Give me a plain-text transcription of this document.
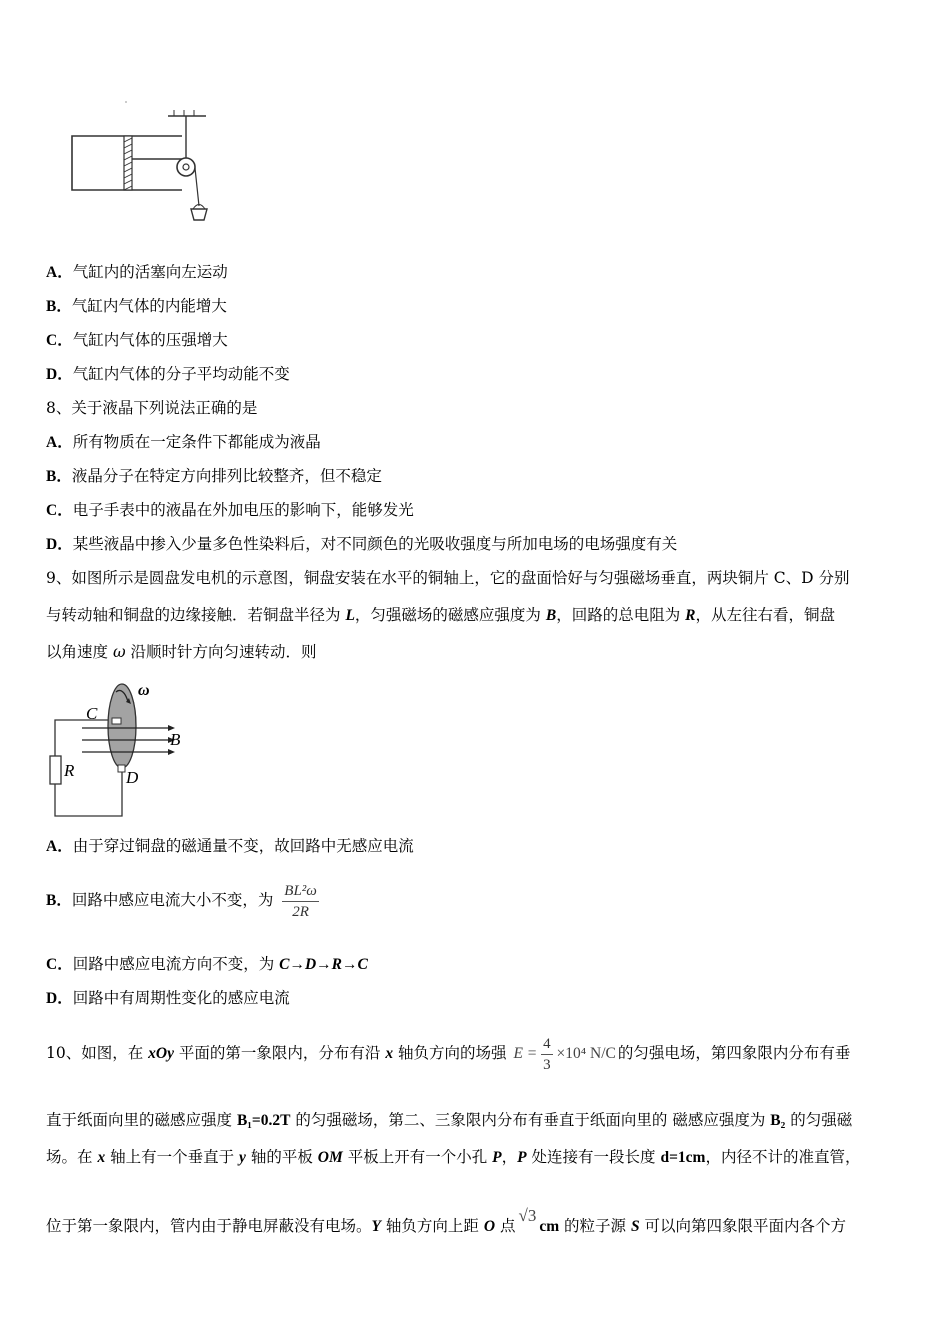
A．气缸内的活塞向左运动
B．气缸内气体的内能增大
C．气缸内气体的压强增大
D．气缸内气体的分子平均动能不变
8、关于液晶下列说法正确的是
A．所有物质在一定条件下都能成为液晶
B．液晶分子在特定方向排列比较整齐，但不稳定
C．电子手表中的液晶在外加电压的影响下，能够发光
D．某些液晶中掺入少量多色性染料后，对不同颜色的光吸收强度与所加电场的电场强度有关
9、如图所示是圆盘发电机的示意图，铜盘安装在水平的铜轴上，它的盘面恰好与匀强磁场垂直，两块铜片 C、D 分别
与转动轴和铜盘的边缘接触．若铜盘半径为 L，匀强磁场的磁感应强度为 B，回路的总电阻为 R，从左往右看，铜盘
以角速度 ω 沿顺时针方向匀速转动．则
ω
C
B
R	D
A．由于穿过铜盘的磁通量不变，故回路中无感应电流
B．回路中感应电流大小不变，为 $\frac{\text{BL²ω}}{2R}$
C．回路中感应电流方向不变，为 C→D→R→C
D．回路中有周期性变化的感应电流
10、如图，在 xOy 平面的第一象限内，分布有沿 x 轴负方向的场强 $E = \frac{4}{3} \times 10^4$ N/C 的匀强电场，第四象限内分布有垂
直于纸面向里的磁感应强度 B₁=0.2T 的匀强磁场，第二、三象限内分布有垂直于纸面向里的 磁感应强度为 B₂ 的匀强磁
场。在 x 轴上有一个垂直于 y 轴的平板 OM 平板上开有一个小孔 P，P 处连接有一段长度 d=1cm，内径不计的准直管，
位于第一象限内，管内由于静电屏蔽没有电场。Y 轴负方向上距 O 点√3cm 的粒子源 S 可以向第四象限平面内各个方
